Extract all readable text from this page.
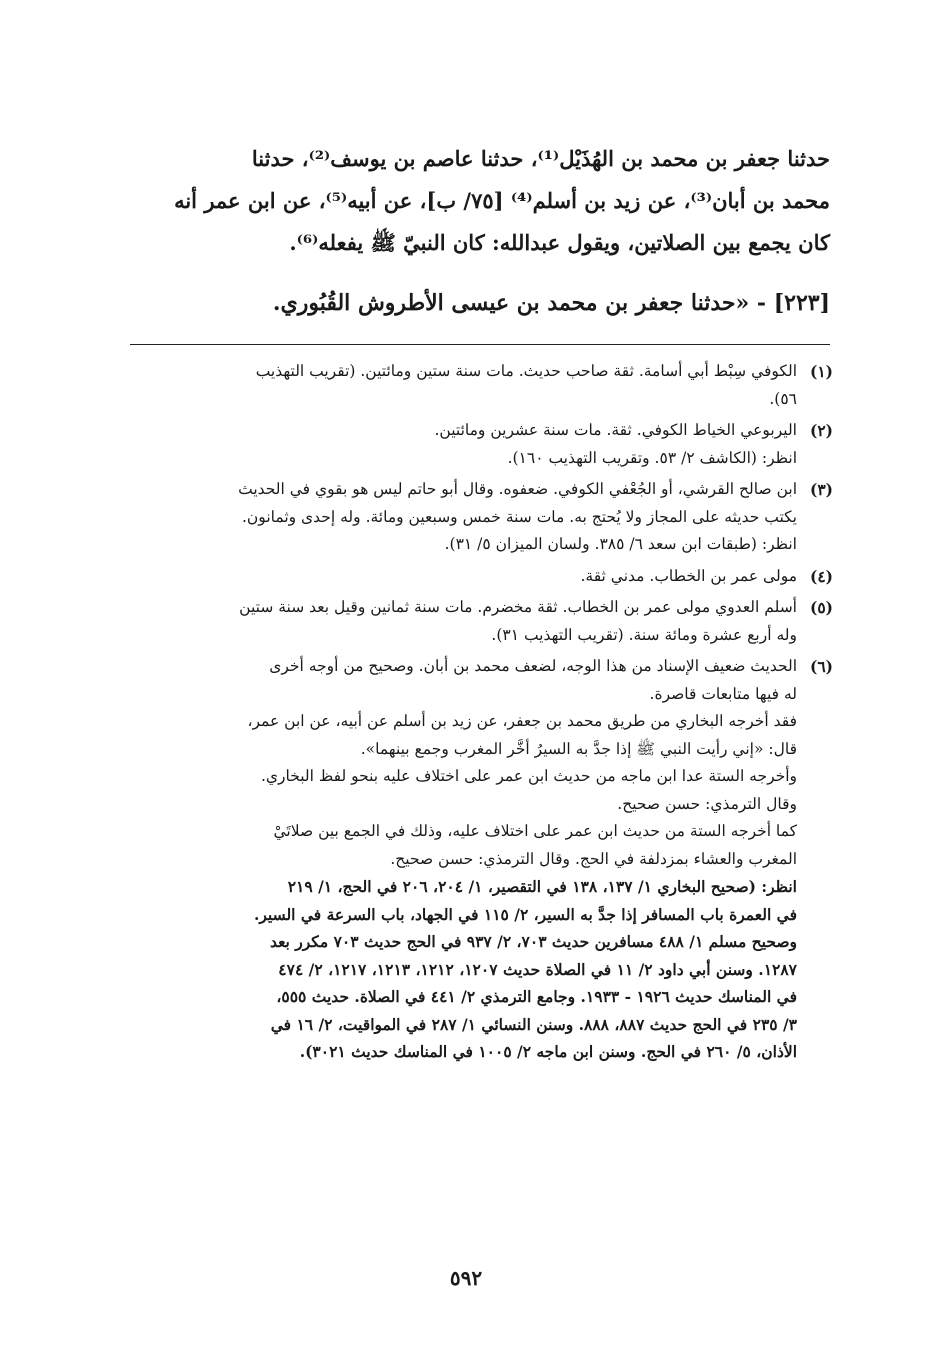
حدثنا جعفر بن محمد بن الهُذَيْل⁽¹⁾، حدثنا عاصم بن يوسف⁽²⁾، حدثنا

محمد بن أبان⁽³⁾، عن زيد بن أسلم⁽⁴⁾ [٧٥/ ب]، عن أبيه⁽⁵⁾، عن ابن عمر أنه

كان يجمع بين الصلاتين، ويقول عبدالله: كان النبيّ ﷺ يفعله⁽⁶⁾.

[٢٢٣] - «حدثنا جعفر بن محمد بن عيسى الأطروش القُبُوري.
(١)

الكوفي سِبْط أبي أسامة. ثقة صاحب حديث. مات سنة ستين ومائتين. (تقريب التهذيب

٥٦).

(٢)

اليربوعي الخياط الكوفي. ثقة. مات سنة عشرين ومائتين.

انظر: (الكاشف ٢/ ٥٣. وتقريب التهذيب ١٦٠).

(٣)

ابن صالح القرشي، أو الجُعْفي الكوفي. ضعفوه. وقال أبو حاتم ليس هو بقوي في الحديث

يكتب حديثه على المجاز ولا يُحتج به. مات سنة خمس وسبعين ومائة. وله إحدى وثمانون.

انظر: (طبقات ابن سعد ٦/ ٣٨٥. ولسان الميزان ٥/ ٣١).

(٤)

مولى عمر بن الخطاب. مدني ثقة.

(٥)

أسلم العدوي مولى عمر بن الخطاب. ثقة مخضرم. مات سنة ثمانين وقيل بعد سنة ستين

وله أربع عشرة ومائة سنة. (تقريب التهذيب ٣١).

(٦)

الحديث ضعيف الإسناد من هذا الوجه، لضعف محمد بن أبان. وصحيح من أوجه أخرى

له فيها متابعات قاصرة.

فقد أخرجه البخاري من طريق محمد بن جعفر، عن زيد بن أسلم عن أبيه، عن ابن عمر،

قال: «إني رأيت النبي ﷺ إذا جدَّ به السيرُ أخَّر المغرب وجمع بينهما».

وأخرجه الستة عدا ابن ماجه من حديث ابن عمر على اختلاف عليه بنحو لفظ البخاري.

وقال الترمذي: حسن صحيح.

كما أخرجه الستة من حديث ابن عمر على اختلاف عليه، وذلك في الجمع بين صلاتَيْ

المغرب والعشاء بمزدلفة في الحج. وقال الترمذي: حسن صحيح.

انظر: (صحيح البخاري ١/ ١٣٧، ١٣٨ في التقصير، ١/ ٢٠٤، ٢٠٦ في الحج، ١/ ٢١٩

في العمرة باب المسافر إذا جدَّ به السير، ٢/ ١١٥ في الجهاد، باب السرعة في السير.

وصحيح مسلم ١/ ٤٨٨ مسافرين حديث ٧٠٣، ٢/ ٩٣٧ في الحج حديث ٧٠٣ مكرر بعد

١٢٨٧. وسنن أبي داود ٢/ ١١ في الصلاة حديث ١٢٠٧، ١٢١٢، ١٢١٣، ١٢١٧، ٢/ ٤٧٤

في المناسك حديث ١٩٢٦ - ١٩٣٣. وجامع الترمذي ٢/ ٤٤١ في الصلاة. حديث ٥٥٥،

٣/ ٢٣٥ في الحج حديث ٨٨٧، ٨٨٨. وسنن النسائي ١/ ٢٨٧ في المواقيت، ٢/ ١٦ في

الأذان، ٥/ ٢٦٠ في الحج. وسنن ابن ماجه ٢/ ١٠٠٥ في المناسك حديث ٣٠٢١).

٥٩٢
